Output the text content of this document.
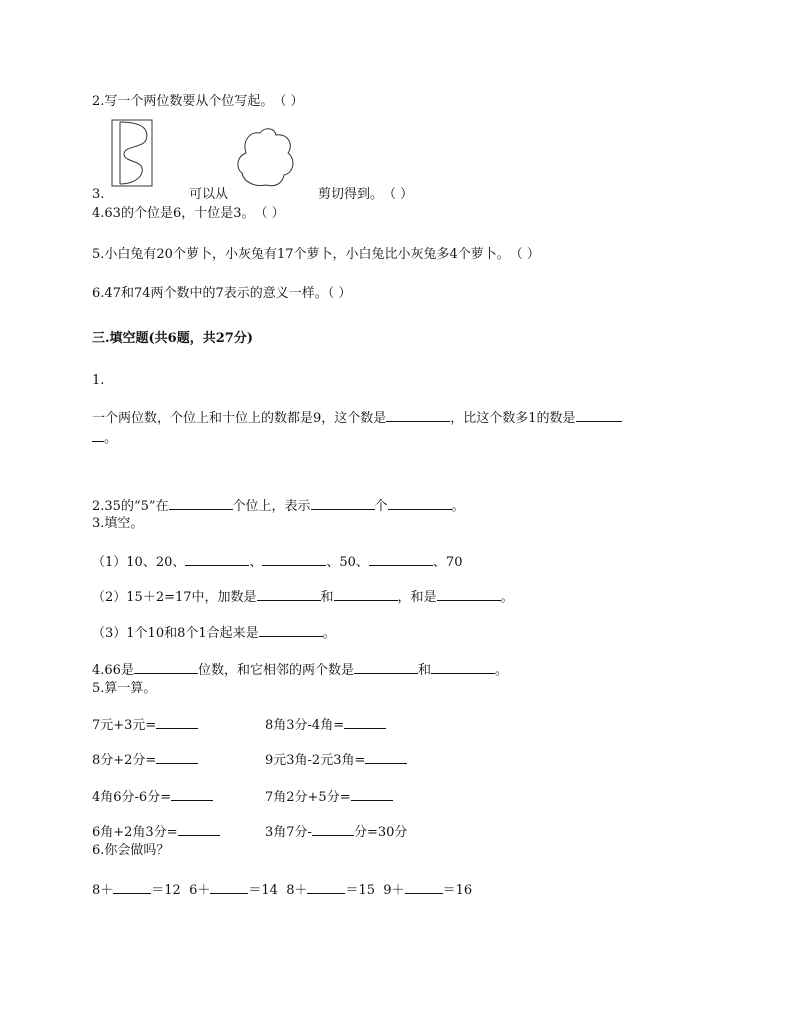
2.写一个两位数要从个位写起。　（ ）
3.	可以从	剪切得到。　（ ）
4.63的个位是6，十位是3。　（ ）
5.小白兔有20个萝卜，小灰兔有17个萝卜，小白兔比小灰兔多4个萝卜。　（ ）
6.47和74两个数中的7表示的意义一样。（ ）
三.填空题(共6题，共27分)
1.
一个两位数，个位上和十位上的数都是9，这个数是	，比这个数多1的数是
。
2.35的“5”在	个位上，表示	个	。
3.填空。
（1）10、20、	、	、50、	、70
（2）15＋2=17中，加数是	和	，和是	。
（3）1个10和8个1合起来是	。
4.66是	位数，和它相邻的两个数是	和	。
5.算一算。
7元+3元=	8角3分-4角=
8分+2分=	9元3角-2元3角=
4角6分-6分=	7角2分+5分=
6角+2角3分=	3角7分-	分=30分
6.你会做吗？
8＋	＝12 6＋	＝14 8＋	＝15 9＋	＝16
